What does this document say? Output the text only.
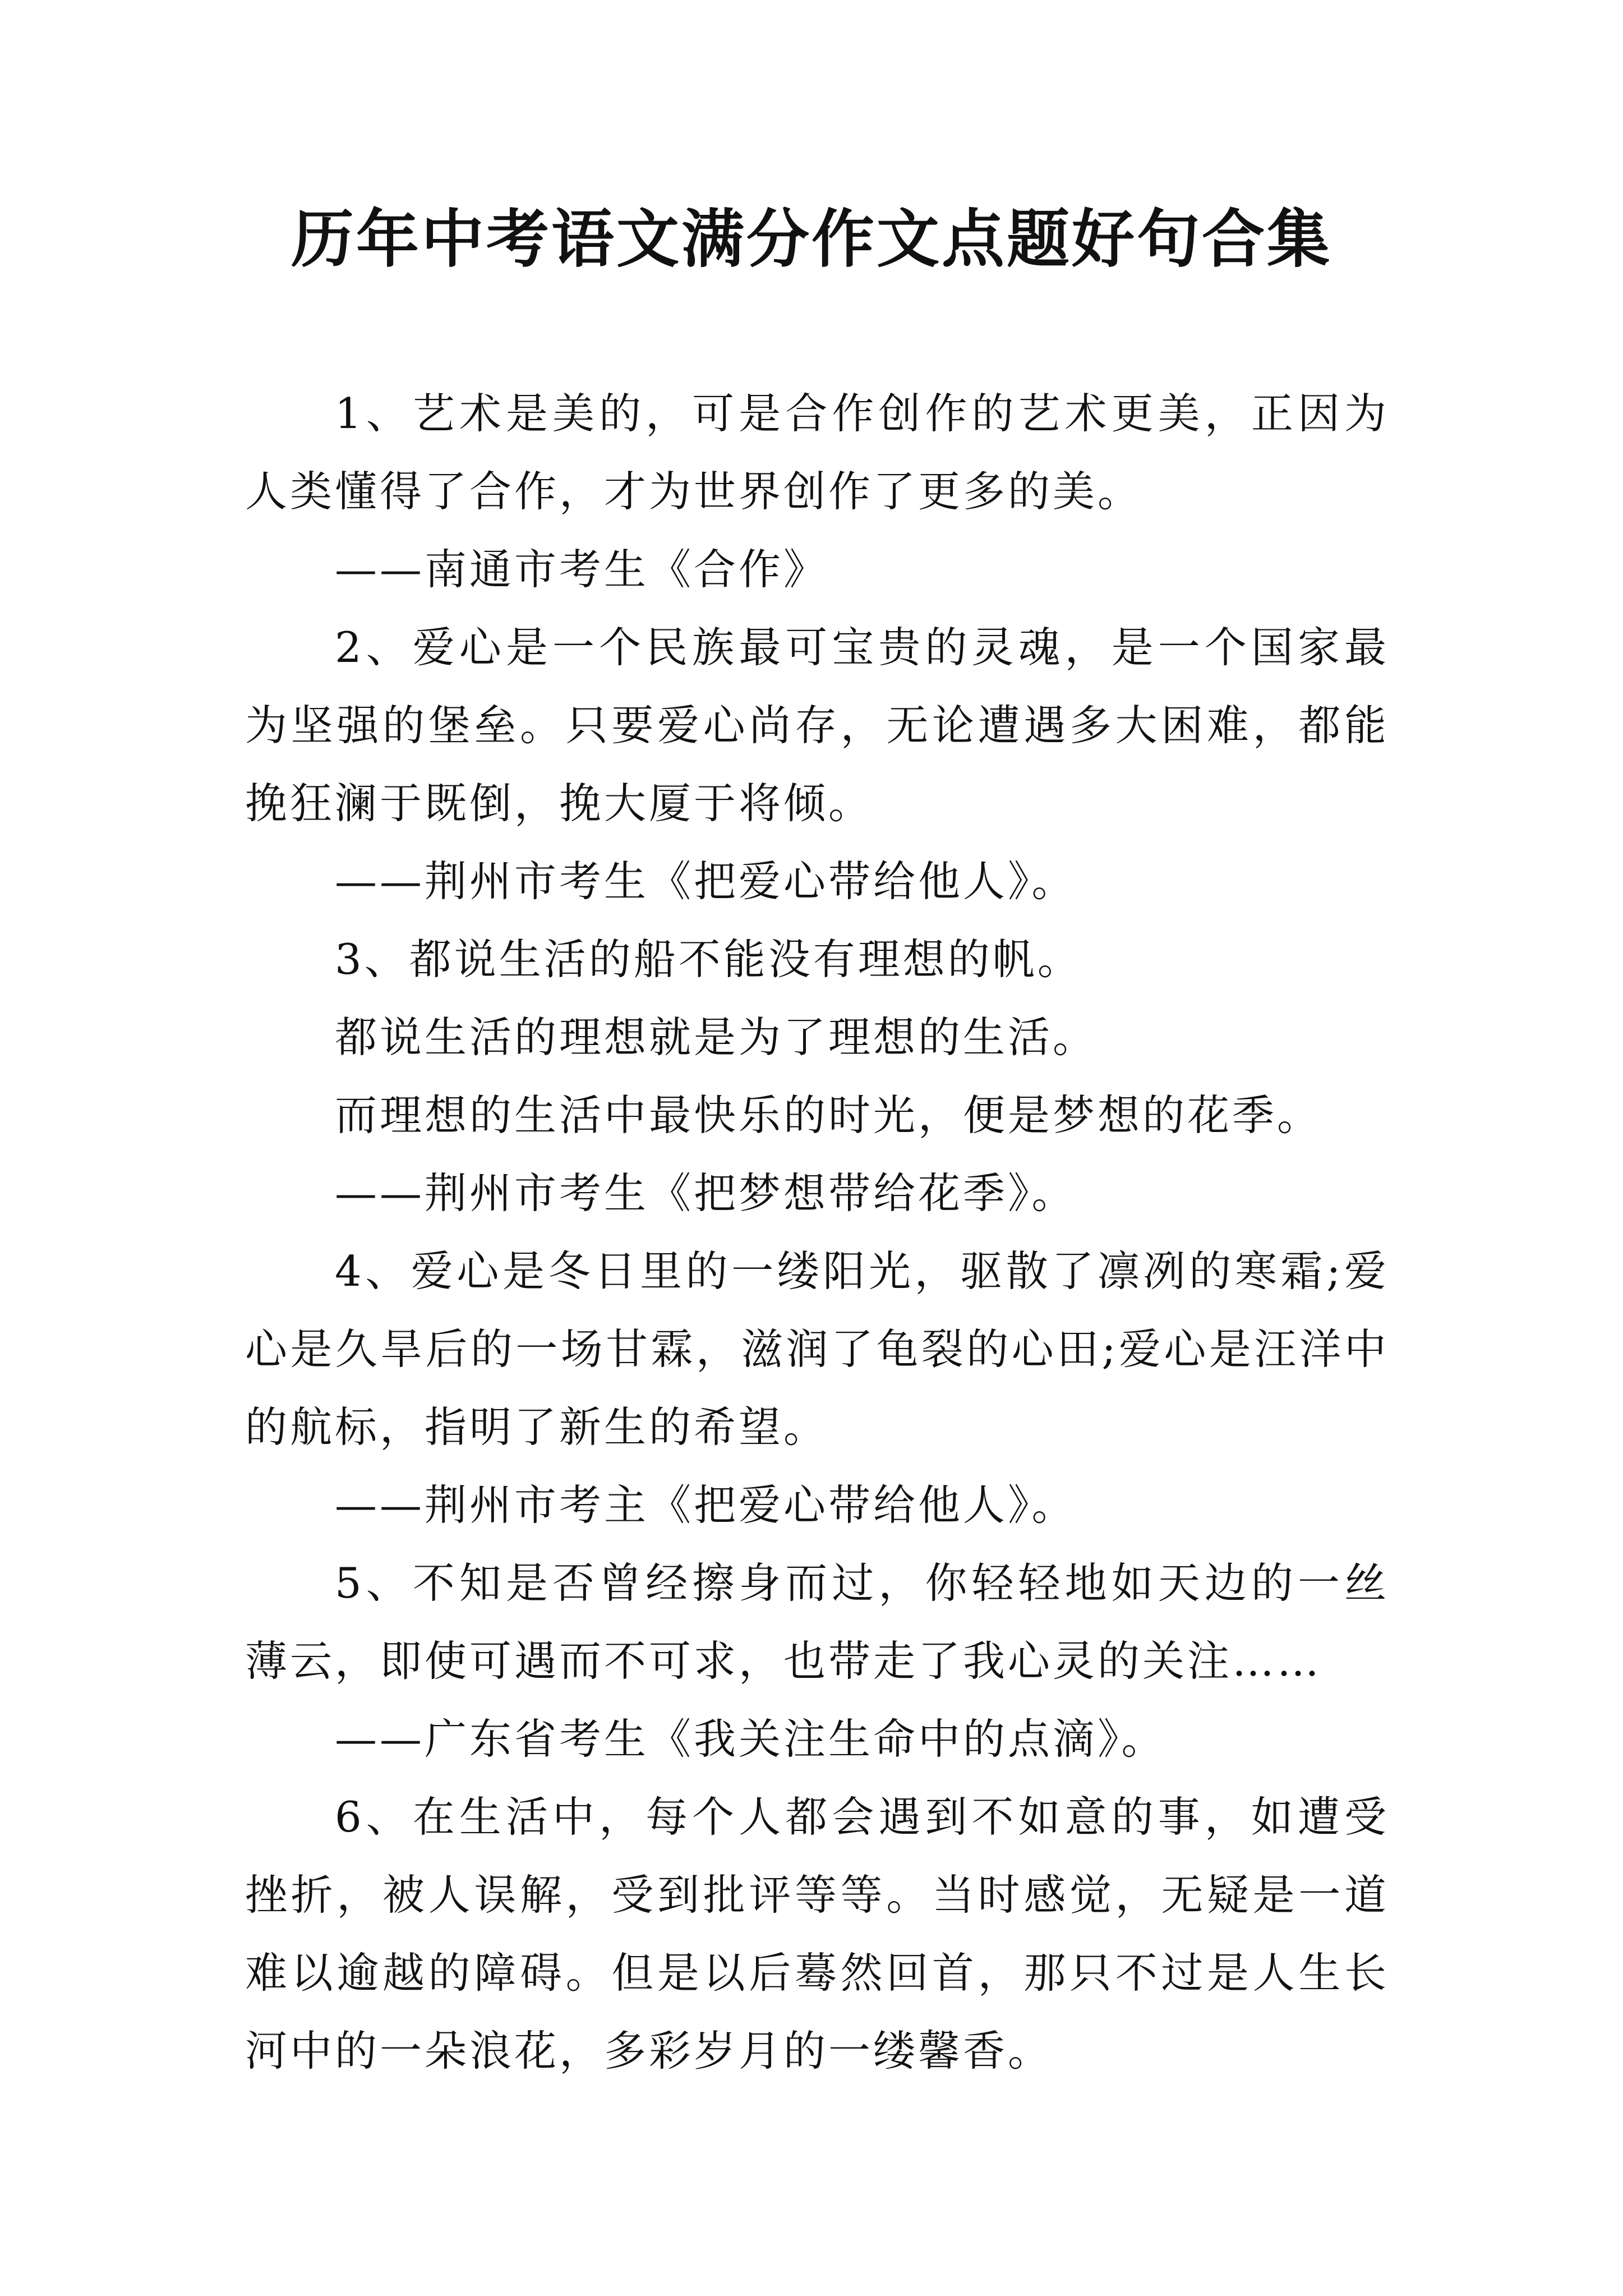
历年中考语文满分作文点题好句合集

1、艺术是美的，可是合作创作的艺术更美，正因为人类懂得了合作，才为世界创作了更多的美。

——南通市考生《合作》

2、爱心是一个民族最可宝贵的灵魂，是一个国家最为坚强的堡垒。只要爱心尚存，无论遭遇多大困难，都能挽狂澜于既倒，挽大厦于将倾。

——荆州市考生《把爱心带给他人》。

3、都说生活的船不能没有理想的帆。

都说生活的理想就是为了理想的生活。

而理想的生活中最快乐的时光，便是梦想的花季。

——荆州市考生《把梦想带给花季》。

4、爱心是冬日里的一缕阳光，驱散了凛冽的寒霜;爱心是久旱后的一场甘霖，滋润了龟裂的心田;爱心是汪洋中的航标，指明了新生的希望。

——荆州市考主《把爱心带给他人》。

5、不知是否曾经擦身而过，你轻轻地如天边的一丝薄云，即使可遇而不可求，也带走了我心灵的关注……

——广东省考生《我关注生命中的点滴》。

6、在生活中，每个人都会遇到不如意的事，如遭受挫折，被人误解，受到批评等等。当时感觉，无疑是一道难以逾越的障碍。但是以后蓦然回首，那只不过是人生长河中的一朵浪花，多彩岁月的一缕馨香。
